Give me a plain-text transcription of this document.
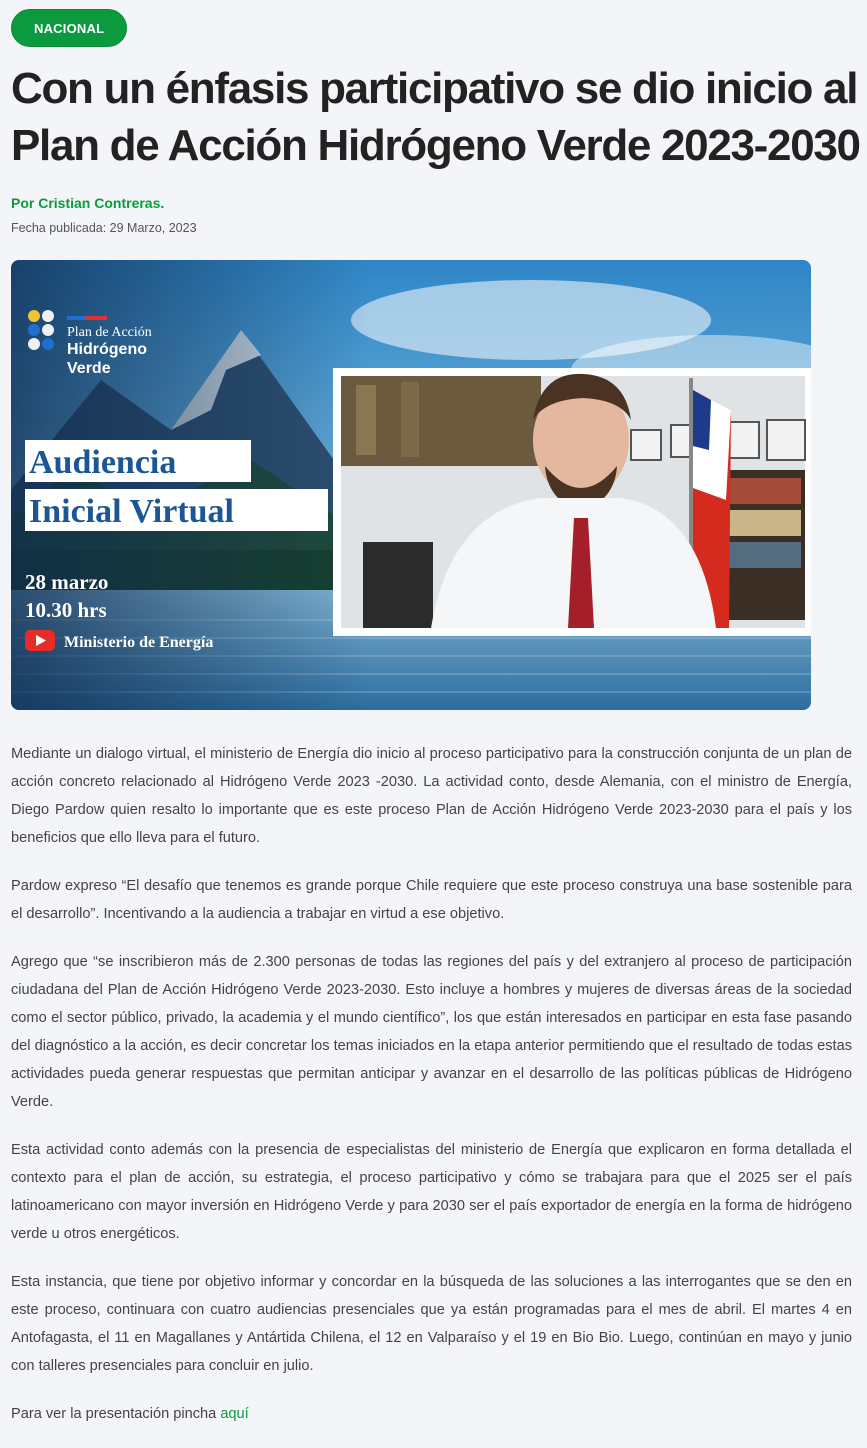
NACIONAL
Con un énfasis participativo se dio inicio al Plan de Acción Hidrógeno Verde 2023-2030
Por Cristian Contreras.
Fecha publicada: 29 Marzo, 2023
Plan de Acción
Hidrógeno
Verde
Audiencia
Inicial Virtual
28 marzo
10.30 hrs
Ministerio de Energía

Mediante un dialogo virtual, el ministerio de Energía dio inicio al proceso participativo para la construcción conjunta de un plan de acción concreto relacionado al Hidrógeno Verde 2023 -2030. La actividad conto, desde Alemania, con el ministro de Energía, Diego Pardow quien resalto lo importante que es este proceso Plan de Acción Hidrógeno Verde 2023-2030 para el país y los beneficios que ello lleva para el futuro.

Pardow expreso “El desafío que tenemos es grande porque Chile requiere que este proceso construya una base sostenible para el desarrollo”. Incentivando a la audiencia a trabajar en virtud a ese objetivo.

Agrego que “se inscribieron más de 2.300 personas de todas las regiones del país y del extranjero al proceso de participación ciudadana del Plan de Acción Hidrógeno Verde 2023-2030. Esto incluye a hombres y mujeres de diversas áreas de la sociedad como el sector público, privado, la academia y el mundo científico”, los que están interesados en participar en esta fase pasando del diagnóstico a la acción, es decir concretar los temas iniciados en la etapa anterior permitiendo que el resultado de todas estas actividades pueda generar respuestas que permitan anticipar y avanzar en el desarrollo de las políticas públicas de Hidrógeno Verde.

Esta actividad conto además con la presencia de especialistas del ministerio de Energía que explicaron en forma detallada el contexto para el plan de acción, su estrategia, el proceso participativo y cómo se trabajara para que el 2025 ser el país latinoamericano con mayor inversión en Hidrógeno Verde y para 2030 ser el país exportador de energía en la forma de hidrógeno verde u otros energéticos.

Esta instancia, que tiene por objetivo informar y concordar en la búsqueda de las soluciones a las interrogantes que se den en este proceso, continuara con cuatro audiencias presenciales que ya están programadas para el mes de abril. El martes 4 en Antofagasta, el 11 en Magallanes y Antártida Chilena, el 12 en Valparaíso y el 19 en Bio Bio. Luego, continúan en mayo y junio con talleres presenciales para concluir en julio.

Para ver la presentación pincha aquí
